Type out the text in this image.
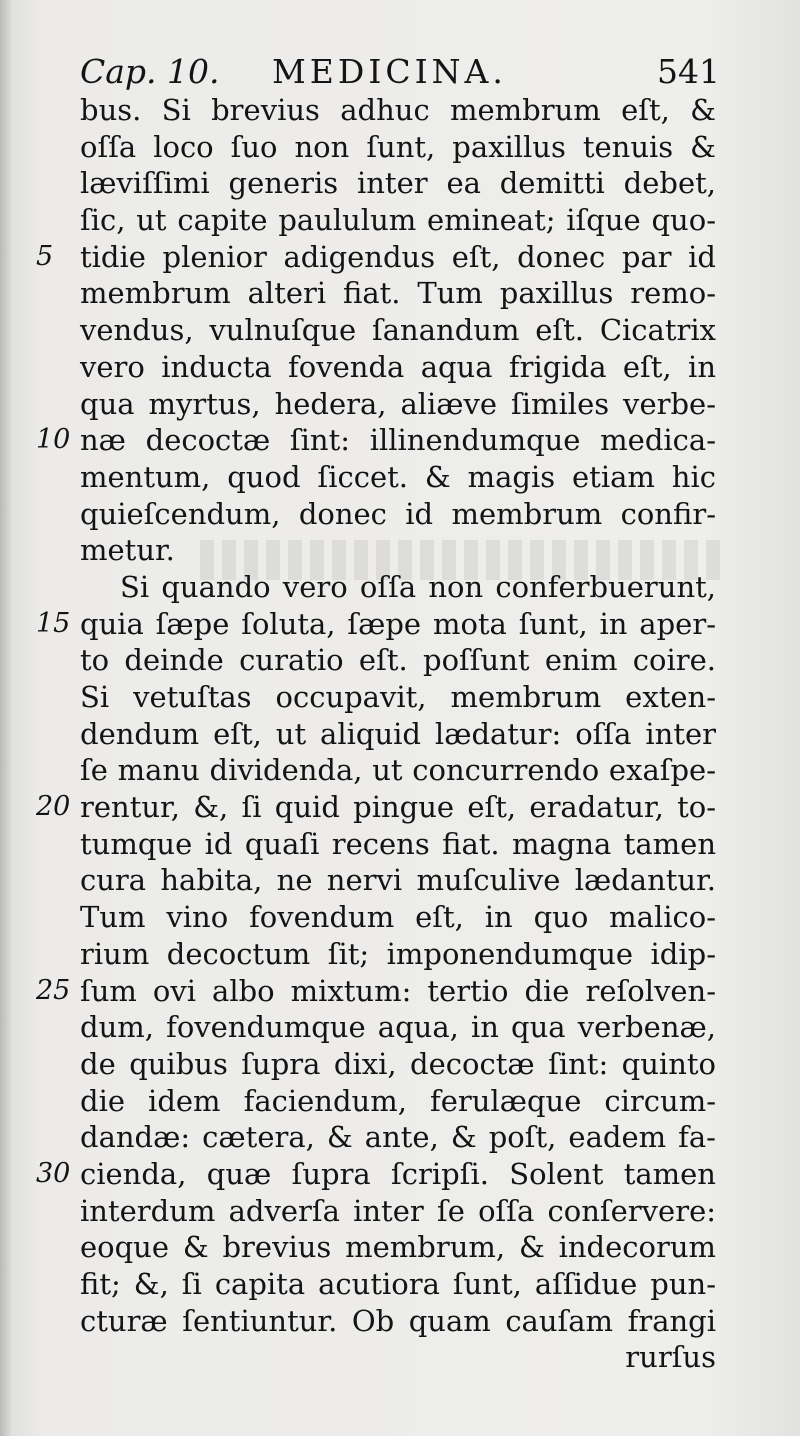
Cap. 10. MEDICINA.	541
bus. Si brevius adhuc membrum eſt, &
oſſa loco ſuo non ſunt, paxillus tenuis &
læviſſimi generis inter ea demitti debet,
ſic, ut capite paululum emineat; iſque quo-
5 tidie plenior adigendus eſt, donec par id
membrum alteri fiat. Tum paxillus remo-
vendus, vulnuſque ſanandum eſt. Cicatrix
vero inducta fovenda aqua frigida eſt, in
qua myrtus, hedera, aliæve ſimiles verbe-
10 næ decoctæ ſint: illinendumque medica-
mentum, quod ſiccet. & magis etiam hic
quieſcendum, donec id membrum confir-
metur.
Si quando vero oſſa non conferbuerunt,
15 quia ſæpe ſoluta, ſæpe mota ſunt, in aper-
to deinde curatio eſt. poſſunt enim coire.
Si vetuſtas occupavit, membrum exten-
dendum eſt, ut aliquid lædatur: oſſa inter
ſe manu dividenda, ut concurrendo exaſpe-
20 rentur, &, ſi quid pingue eſt, eradatur, to-
tumque id quaſi recens fiat. magna tamen
cura habita, ne nervi muſculive lædantur.
Tum vino fovendum eſt, in quo malico-
rium decoctum ſit; imponendumque idip-
25 ſum ovi albo mixtum: tertio die reſolven-
dum, fovendumque aqua, in qua verbenæ,
de quibus ſupra dixi, decoctæ ſint: quinto
die idem faciendum, ferulæque circum-
dandæ: cætera, & ante, & poſt, eadem fa-
30 cienda, quæ ſupra ſcripſi. Solent tamen
interdum adverſa inter ſe oſſa conſervere:
eoque & brevius membrum, & indecorum
fit; &, ſi capita acutiora ſunt, aſſidue pun-
cturæ ſentiuntur. Ob quam cauſam frangi
rurſus
